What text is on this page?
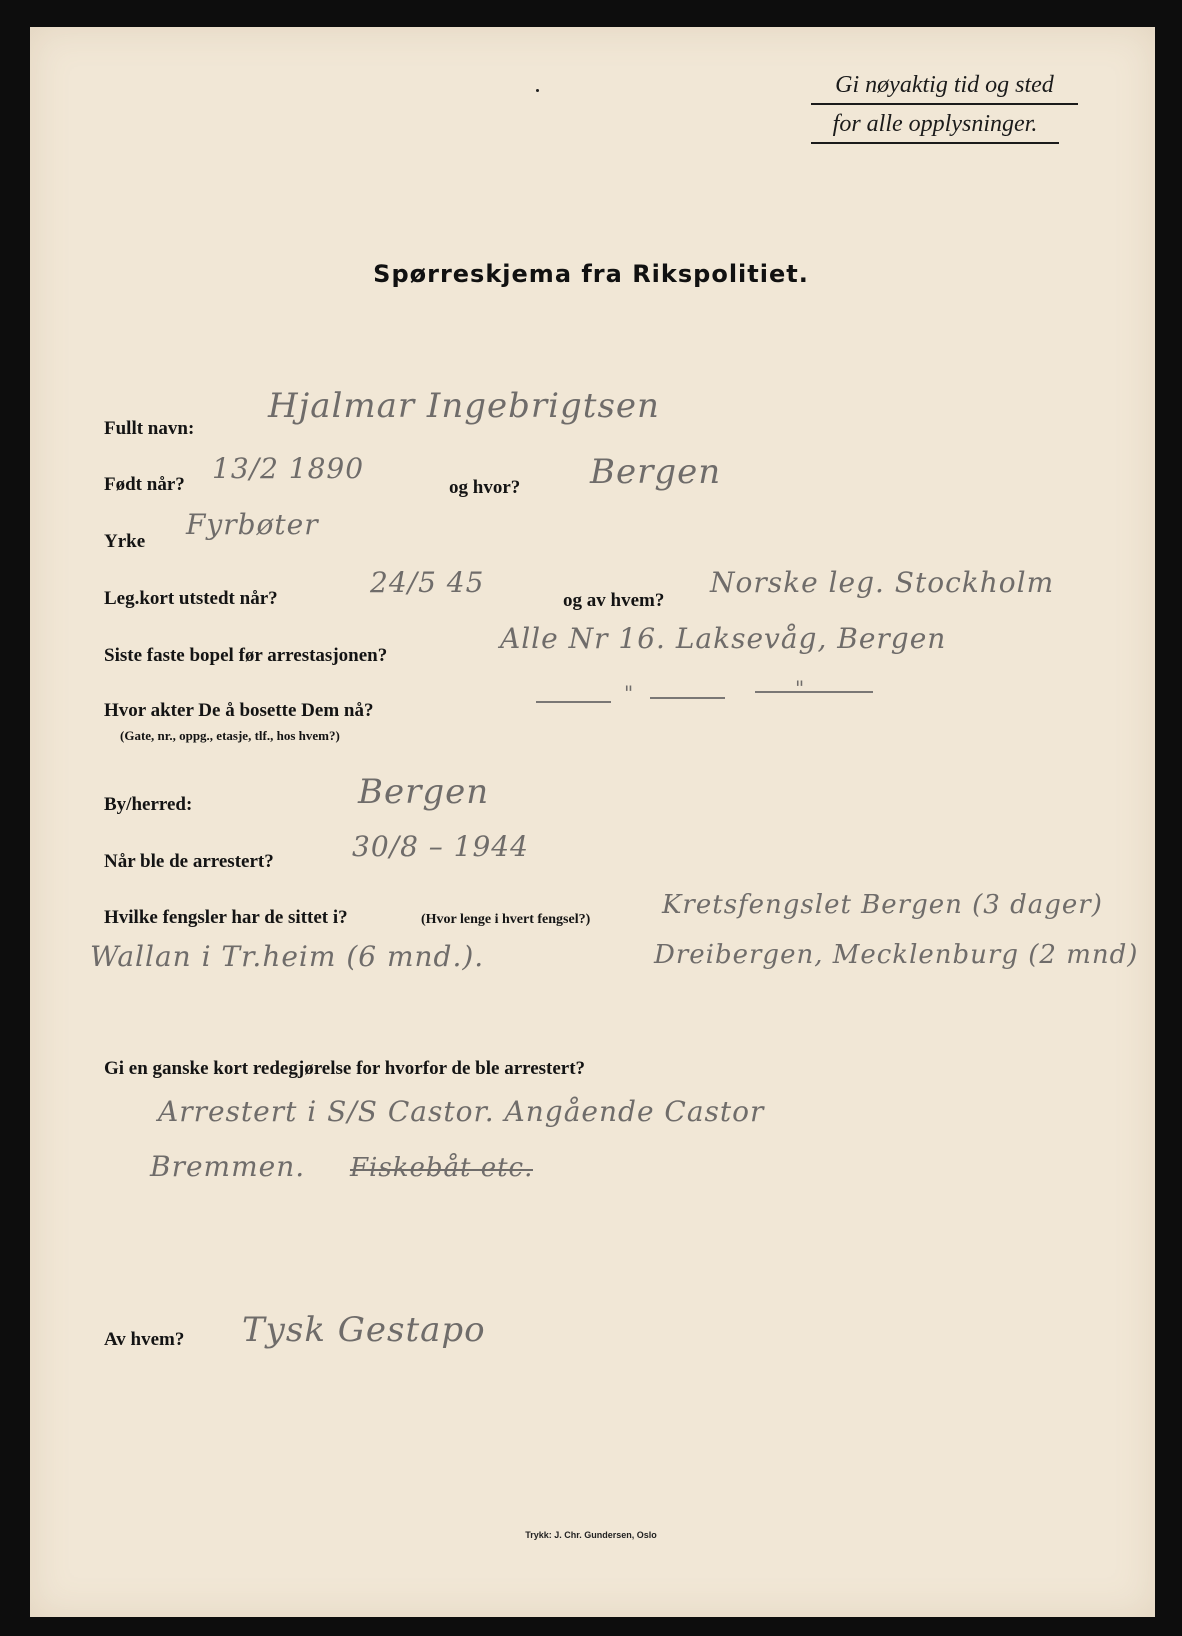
Gi nøyaktig tid og sted
for alle opplysninger.
Spørreskjema fra Rikspolitiet.
Fullt navn:
Hjalmar Ingebrigtsen
Født når? 13/2 1890
og hvor? Bergen
Yrke
Fyrbøter
Leg.kort utstedt når?	24/5 45
og av hvem?
Norske leg. Stockholm
Siste faste bopel før arrestasjonen?
Alle Nr 16. Laksevåg, Bergen
Hvor akter De å bosette Dem nå?
(Gate, nr., oppg., etasje, tlf., hos hvem?)
"	"
By/herred:	Bergen
Når ble de arrestert?	30/8 – 1944
Hvilke fengsler har de sittet i?	(Hvor lenge i hvert fengsel?)	Kretsfengslet Bergen (3 dager)
Wallan i Tr.heim (6 mnd.).	Dreibergen, Mecklenburg (2 mnd)
Gi en ganske kort redegjørelse for hvorfor de ble arrestert?
Arrestert i S/S Castor. Angående Castor
Bremmen. Fiskebåt etc.
Av hvem? Tysk Gestapo
Trykk: J. Chr. Gundersen, Oslo
